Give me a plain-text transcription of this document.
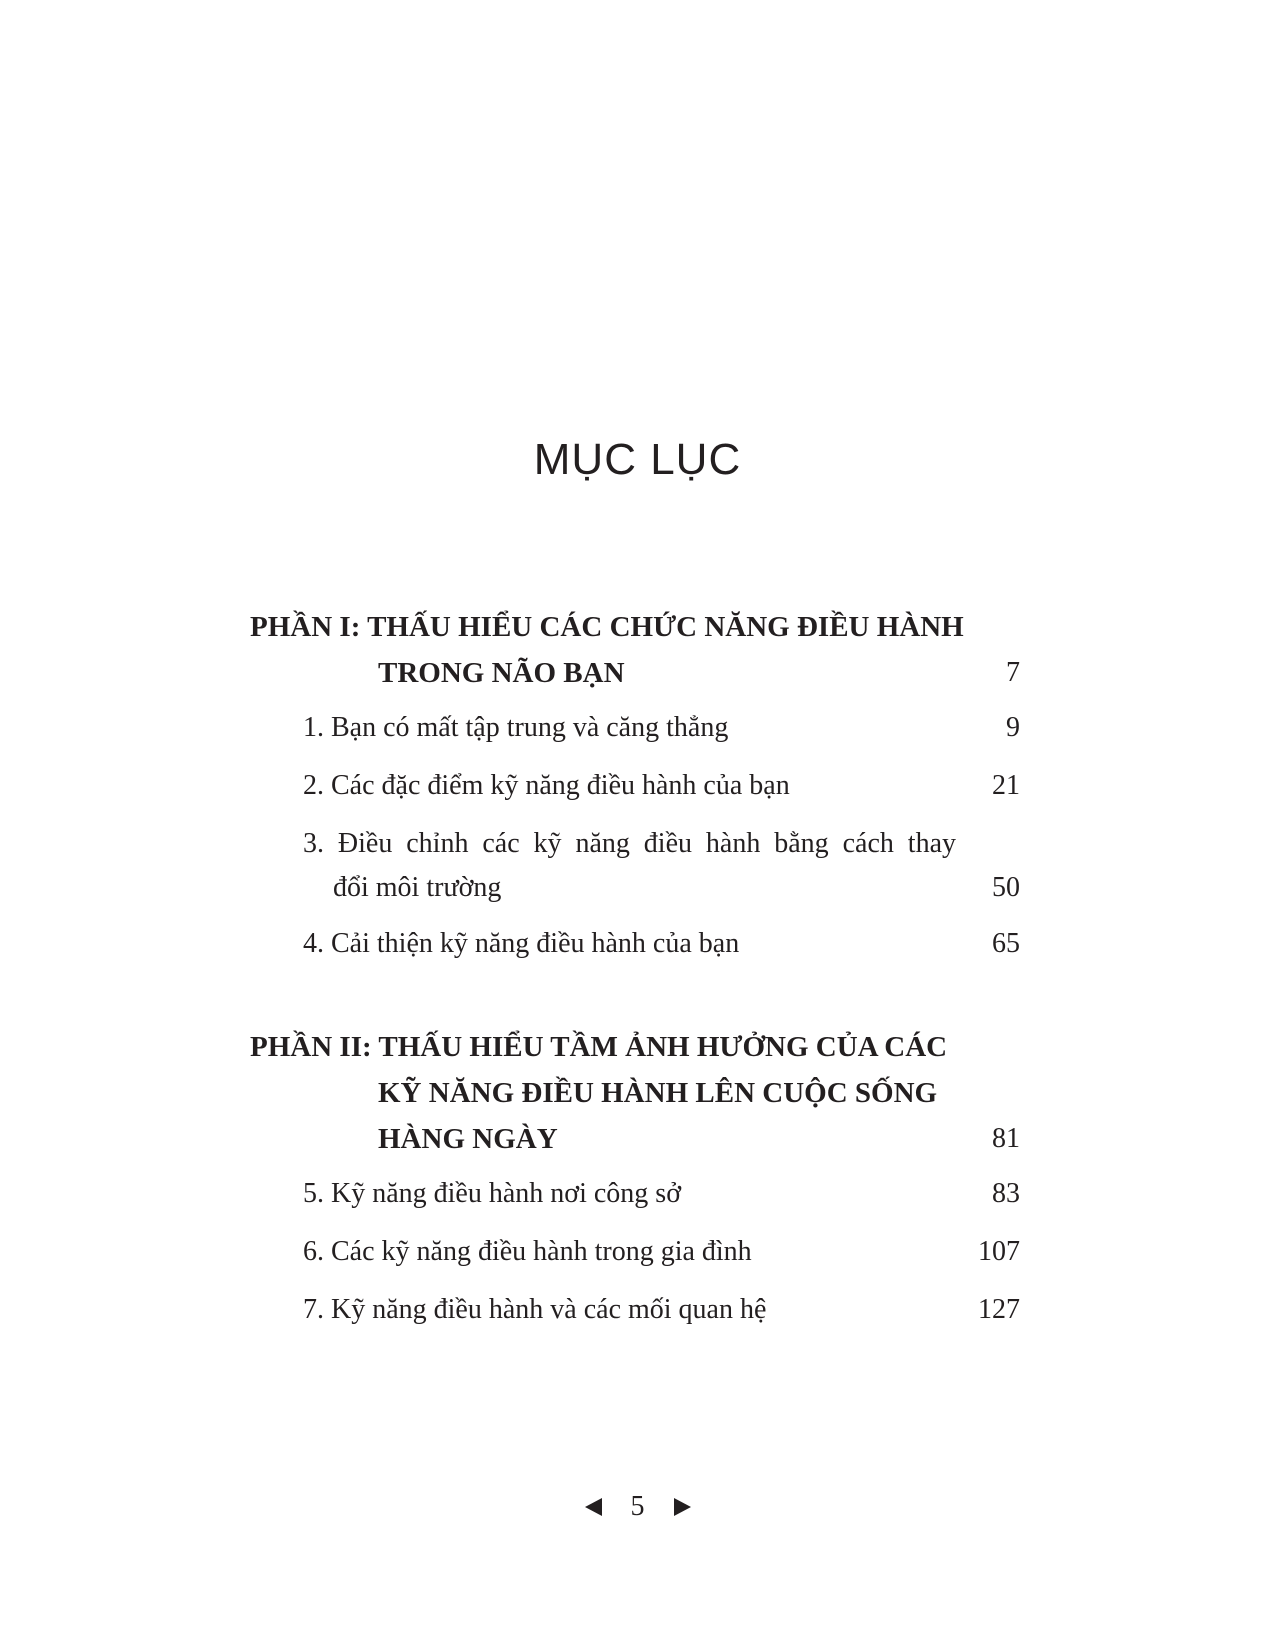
MỤC LỤC
PHẦN I: THẤU HIỂU CÁC CHỨC NĂNG ĐIỀU HÀNH
TRONG NÃO BẠN	7
1. Bạn có mất tập trung và căng thẳng	9
2. Các đặc điểm kỹ năng điều hành của bạn	21
3. Điều chỉnh các kỹ năng điều hành bằng cách thay
đổi môi trường	50
4. Cải thiện kỹ năng điều hành của bạn	65
PHẦN II: THẤU HIỂU TẦM ẢNH HƯỞNG CỦA CÁC
KỸ NĂNG ĐIỀU HÀNH LÊN CUỘC SỐNG
HÀNG NGÀY	81
5. Kỹ năng điều hành nơi công sở	83
6. Các kỹ năng điều hành trong gia đình	107
7. Kỹ năng điều hành và các mối quan hệ	127
5
